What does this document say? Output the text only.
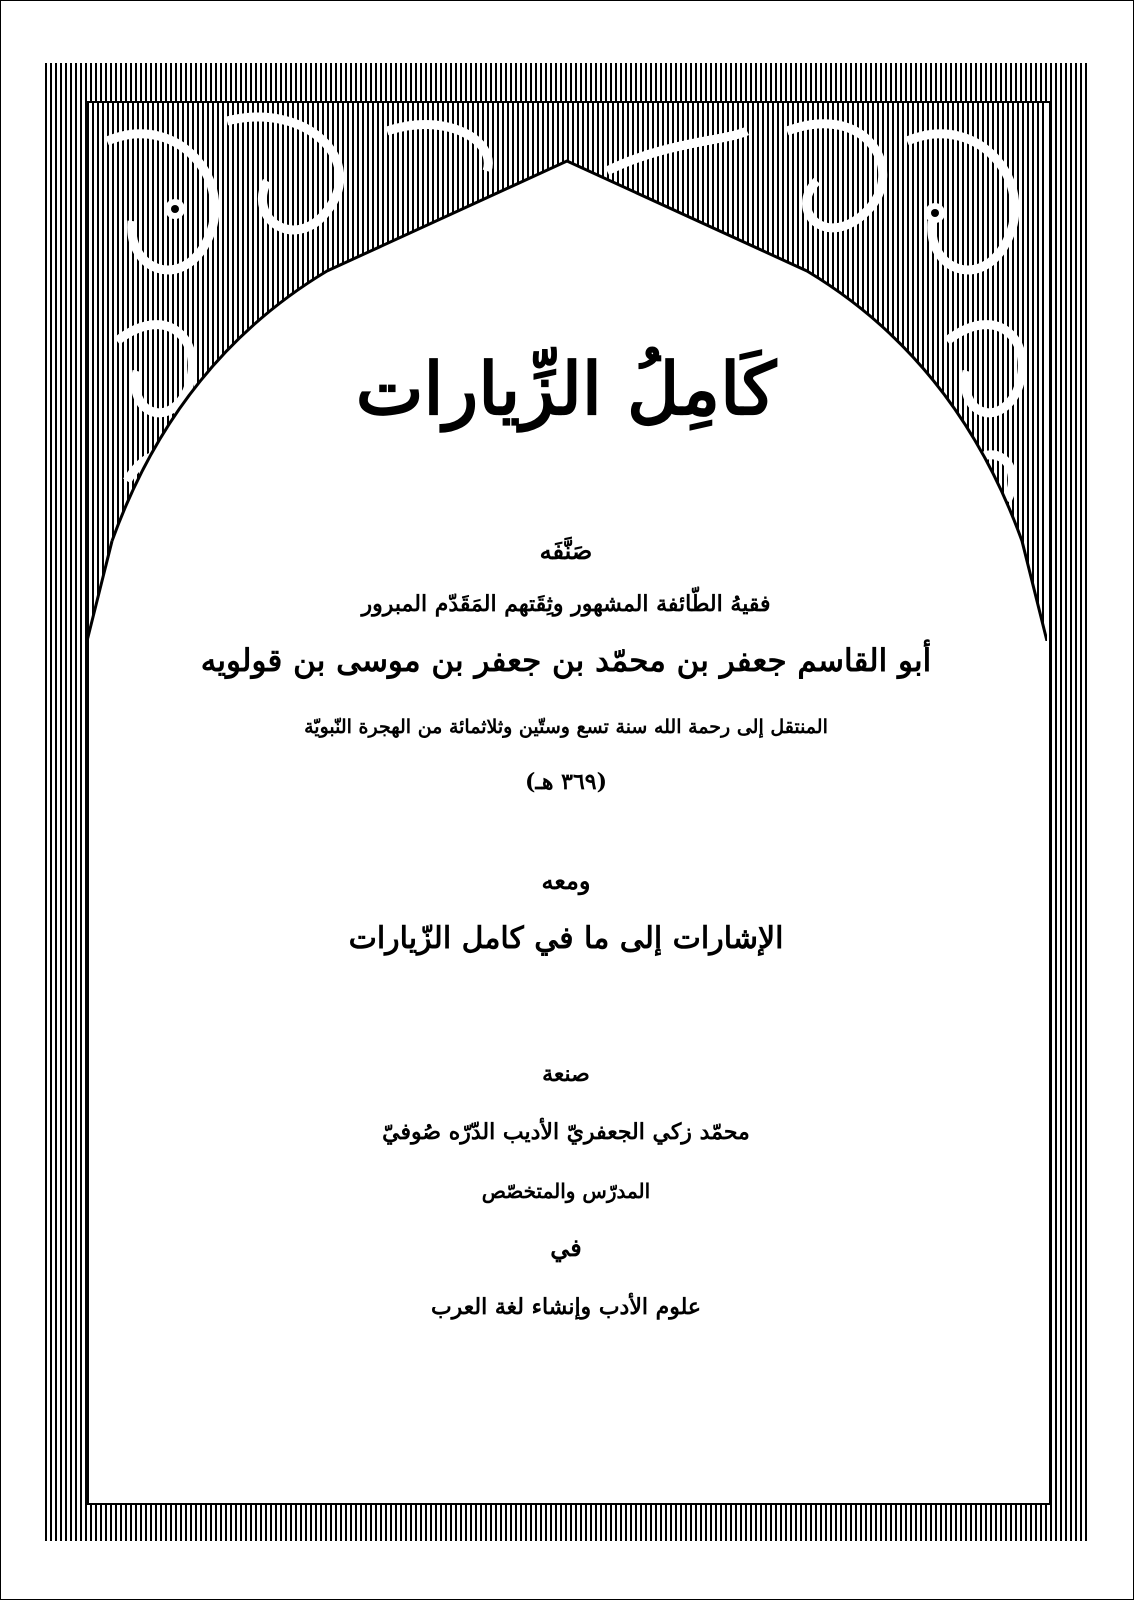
كَامِلُ الزِّيارات
صَنَّفَه
فقيهُ الطّائفة المشهور وثِقَتهم المَقَدّم المبرور
أبو القاسم جعفر بن محمّد بن جعفر بن موسى بن قولويه
المنتقل إلى رحمة الله سنة تسع وستّين وثلاثمائة من الهجرة النّبويّة
(٣٦٩ هـ)
ومعه
الإشارات إلى ما في كامل الزّيارات
صنعة
محمّد زكي الجعفريّ الأديب الدّرّه صُوفيّ
المدرّس والمتخصّص
في
علوم الأدب وإنشاء لغة العرب
